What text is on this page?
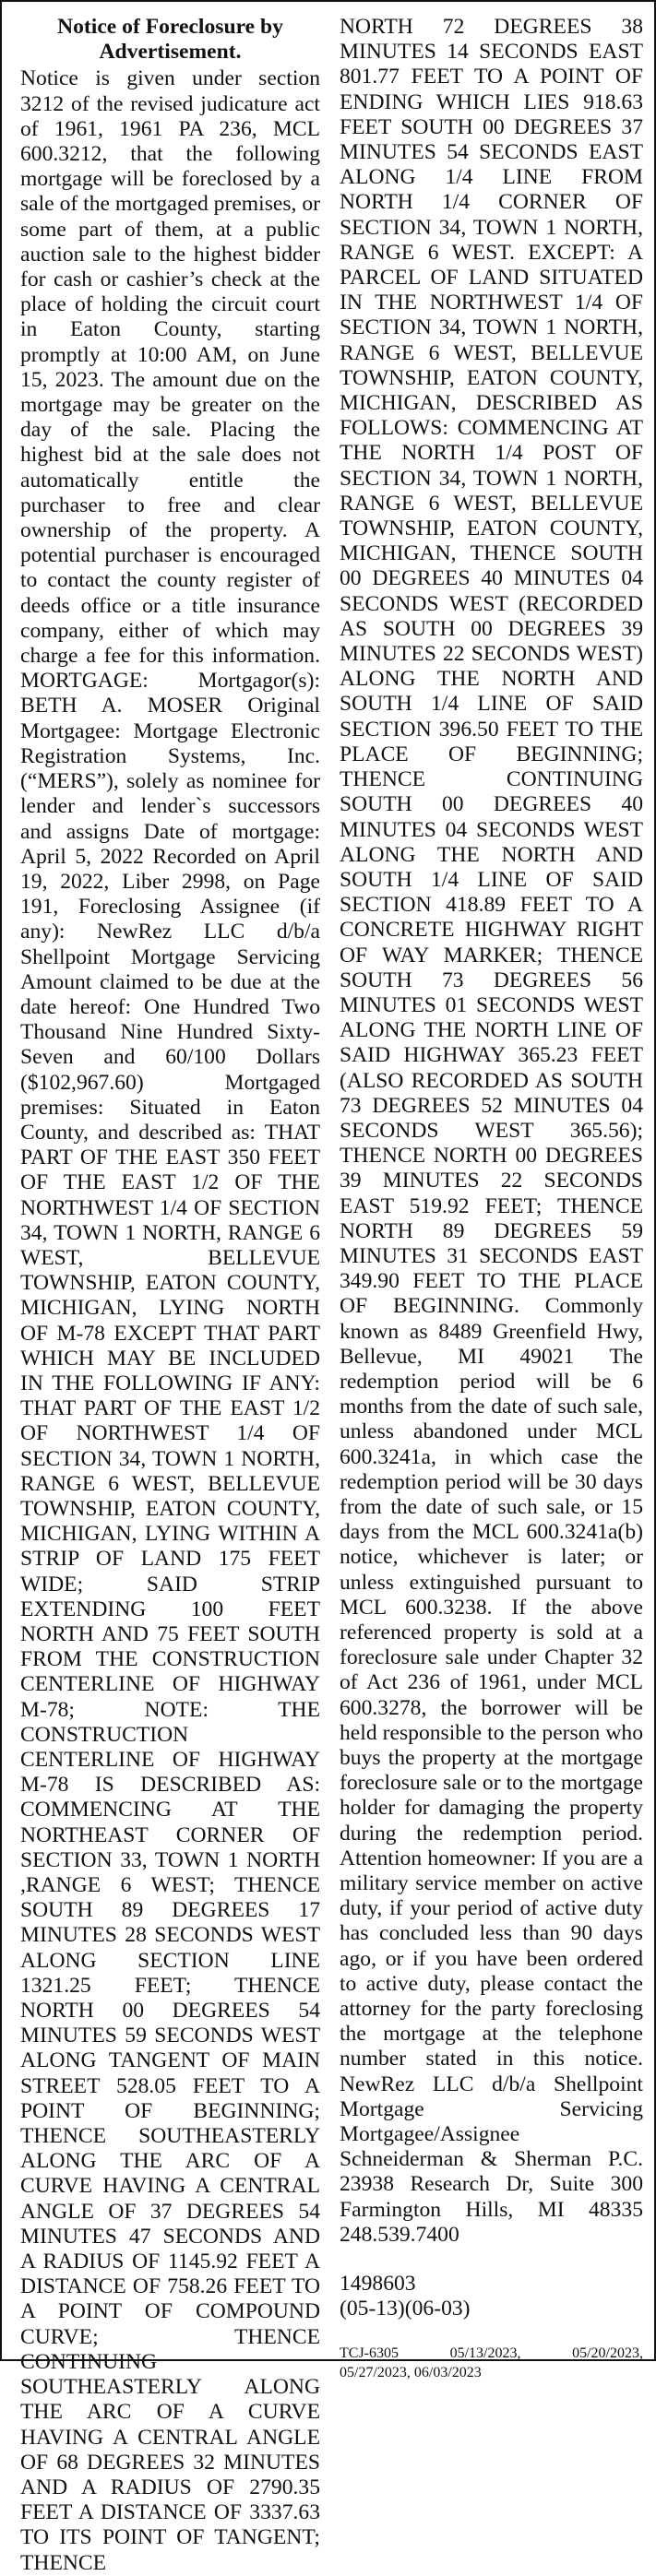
Notice of Foreclosure by Advertisement.

Notice is given under section 3212 of the revised judicature act of 1961, 1961 PA 236, MCL 600.3212, that the following mortgage will be foreclosed by a sale of the mortgaged premises, or some part of them, at a public auction sale to the highest bidder for cash or cashier’s check at the place of holding the circuit court in Eaton County, starting promptly at 10:00 AM, on June 15, 2023. The amount due on the mortgage may be greater on the day of the sale. Placing the highest bid at the sale does not automatically entitle the purchaser to free and clear ownership of the property. A potential purchaser is encouraged to contact the county register of deeds office or a title insurance company, either of which may charge a fee for this information. MORTGAGE: Mortgagor(s): BETH A. MOSER Original Mortgagee: Mortgage Electronic Registration Systems, Inc. (“MERS”), solely as nominee for lender and lender`s successors and assigns Date of mortgage: April 5, 2022 Recorded on April 19, 2022, Liber 2998, on Page 191, Foreclosing Assignee (if any): NewRez LLC d/b/a Shellpoint Mortgage Servicing Amount claimed to be due at the date hereof: One Hundred Two Thousand Nine Hundred Sixty-Seven and 60/100 Dollars ($102,967.60) Mortgaged premises: Situated in Eaton County, and described as: THAT PART OF THE EAST 350 FEET OF THE EAST 1/2 OF THE NORTHWEST 1/4 OF SECTION 34, TOWN 1 NORTH, RANGE 6 WEST, BELLEVUE TOWNSHIP, EATON COUNTY, MICHIGAN, LYING NORTH OF M-78 EXCEPT THAT PART WHICH MAY BE INCLUDED IN THE FOLLOWING IF ANY: THAT PART OF THE EAST 1/2 OF NORTHWEST 1/4 OF SECTION 34, TOWN 1 NORTH, RANGE 6 WEST, BELLEVUE TOWNSHIP, EATON COUNTY, MICHIGAN, LYING WITHIN A STRIP OF LAND 175 FEET WIDE; SAID STRIP EXTENDING 100 FEET NORTH AND 75 FEET SOUTH FROM THE CONSTRUCTION CENTERLINE OF HIGHWAY M-78; NOTE: THE CONSTRUCTION CENTERLINE OF HIGHWAY M-78 IS DESCRIBED AS: COMMENCING AT THE NORTHEAST CORNER OF SECTION 33, TOWN 1 NORTH ,RANGE 6 WEST; THENCE SOUTH 89 DEGREES 17 MINUTES 28 SECONDS WEST ALONG SECTION LINE 1321.25 FEET; THENCE NORTH 00 DEGREES 54 MINUTES 59 SECONDS WEST ALONG TANGENT OF MAIN STREET 528.05 FEET TO A POINT OF BEGINNING; THENCE SOUTHEASTERLY ALONG THE ARC OF A CURVE HAVING A CENTRAL ANGLE OF 37 DEGREES 54 MINUTES 47 SECONDS AND A RADIUS OF 1145.92 FEET A DISTANCE OF 758.26 FEET TO A POINT OF COMPOUND CURVE; THENCE CONTINUING SOUTHEASTERLY ALONG THE ARC OF A CURVE HAVING A CENTRAL ANGLE OF 68 DEGREES 32 MINUTES AND A RADIUS OF 2790.35 FEET A DISTANCE OF 3337.63 TO ITS POINT OF TANGENT; THENCE

NORTH 72 DEGREES 38 MINUTES 14 SECONDS EAST 801.77 FEET TO A POINT OF ENDING WHICH LIES 918.63 FEET SOUTH 00 DEGREES 37 MINUTES 54 SECONDS EAST ALONG 1/4 LINE FROM NORTH 1/4 CORNER OF SECTION 34, TOWN 1 NORTH, RANGE 6 WEST. EXCEPT: A PARCEL OF LAND SITUATED IN THE NORTHWEST 1/4 OF SECTION 34, TOWN 1 NORTH, RANGE 6 WEST, BELLEVUE TOWNSHIP, EATON COUNTY, MICHIGAN, DESCRIBED AS FOLLOWS: COMMENCING AT THE NORTH 1/4 POST OF SECTION 34, TOWN 1 NORTH, RANGE 6 WEST, BELLEVUE TOWNSHIP, EATON COUNTY, MICHIGAN, THENCE SOUTH 00 DEGREES 40 MINUTES 04 SECONDS WEST (RECORDED AS SOUTH 00 DEGREES 39 MINUTES 22 SECONDS WEST) ALONG THE NORTH AND SOUTH 1/4 LINE OF SAID SECTION 396.50 FEET TO THE PLACE OF BEGINNING; THENCE CONTINUING SOUTH 00 DEGREES 40 MINUTES 04 SECONDS WEST ALONG THE NORTH AND SOUTH 1/4 LINE OF SAID SECTION 418.89 FEET TO A CONCRETE HIGHWAY RIGHT OF WAY MARKER; THENCE SOUTH 73 DEGREES 56 MINUTES 01 SECONDS WEST ALONG THE NORTH LINE OF SAID HIGHWAY 365.23 FEET (ALSO RECORDED AS SOUTH 73 DEGREES 52 MINUTES 04 SECONDS WEST 365.56); THENCE NORTH 00 DEGREES 39 MINUTES 22 SECONDS EAST 519.92 FEET; THENCE NORTH 89 DEGREES 59 MINUTES 31 SECONDS EAST 349.90 FEET TO THE PLACE OF BEGINNING. Commonly known as 8489 Greenfield Hwy, Bellevue, MI 49021 The redemption period will be 6 months from the date of such sale, unless abandoned under MCL 600.3241a, in which case the redemption period will be 30 days from the date of such sale, or 15 days from the MCL 600.3241a(b) notice, whichever is later; or unless extinguished pursuant to MCL 600.3238. If the above referenced property is sold at a foreclosure sale under Chapter 32 of Act 236 of 1961, under MCL 600.3278, the borrower will be held responsible to the person who buys the property at the mortgage foreclosure sale or to the mortgage holder for damaging the property during the redemption period. Attention homeowner: If you are a military service member on active duty, if your period of active duty has concluded less than 90 days ago, or if you have been ordered to active duty, please contact the attorney for the party foreclosing the mortgage at the telephone number stated in this notice. NewRez LLC d/b/a Shellpoint Mortgage Servicing Mortgagee/Assignee Schneiderman & Sherman P.C. 23938 Research Dr, Suite 300 Farmington Hills, MI 48335 248.539.7400

1498603
(05-13)(06-03)
TCJ-6305 05/13/2023, 05/20/2023,
05/27/2023, 06/03/2023
